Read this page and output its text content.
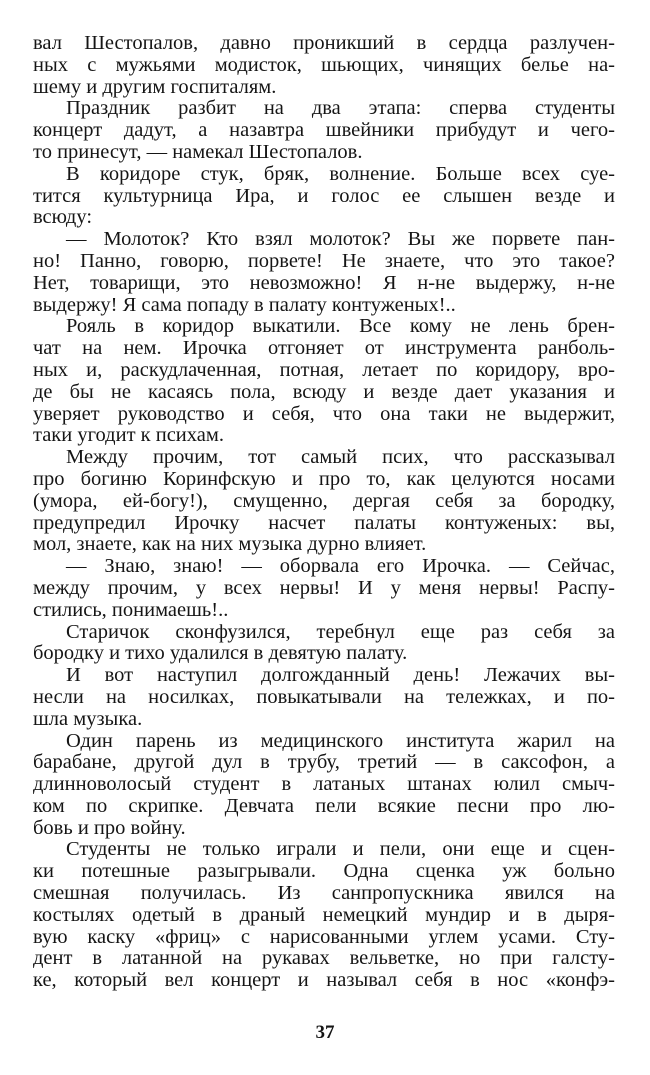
вал Шестопалов, давно проникший в сердца разлучен-
ных с мужьями модисток, шьющих, чинящих белье на-
шему и другим госпиталям.
Праздник разбит на два этапа: сперва студенты
концерт дадут, а назавтра швейники прибудут и чего-
то принесут, — намекал Шестопалов.
В коридоре стук, бряк, волнение. Больше всех суе-
тится культурница Ира, и голос ее слышен везде и
всюду:
— Молоток? Кто взял молоток? Вы же порвете пан-
но! Панно, говорю, порвете! Не знаете, что это такое?
Нет, товарищи, это невозможно! Я н-не выдержу, н-не
выдержу! Я сама попаду в палату контуженых!..
Рояль в коридор выкатили. Все кому не лень брен-
чат на нем. Ирочка отгоняет от инструмента ранболь-
ных и, раскудлаченная, потная, летает по коридору, вро-
де бы не касаясь пола, всюду и везде дает указания и
уверяет руководство и себя, что она таки не выдержит,
таки угодит к психам.
Между прочим, тот самый псих, что рассказывал
про богиню Коринфскую и про то, как целуются носами
(умора, ей-богу!), смущенно, дергая себя за бородку,
предупредил Ирочку насчет палаты контуженых: вы,
мол, знаете, как на них музыка дурно влияет.
— Знаю, знаю! — оборвала его Ирочка. — Сейчас,
между прочим, у всех нервы! И у меня нервы! Распу-
стились, понимаешь!..
Старичок сконфузился, теребнул еще раз себя за
бородку и тихо удалился в девятую палату.
И вот наступил долгожданный день! Лежачих вы-
несли на носилках, повыкатывали на тележках, и по-
шла музыка.
Один парень из медицинского института жарил на
барабане, другой дул в трубу, третий — в саксофон, а
длинноволосый студент в латаных штанах юлил смыч-
ком по скрипке. Девчата пели всякие песни про лю-
бовь и про войну.
Студенты не только играли и пели, они еще и сцен-
ки потешные разыгрывали. Одна сценка уж больно
смешная получилась. Из санпропускника явился на
костылях одетый в драный немецкий мундир и в дыря-
вую каску «фриц» с нарисованными углем усами. Сту-
дент в латанной на рукавах вельветке, но при галсту-
ке, который вел концерт и называл себя в нос «конфэ-
37
